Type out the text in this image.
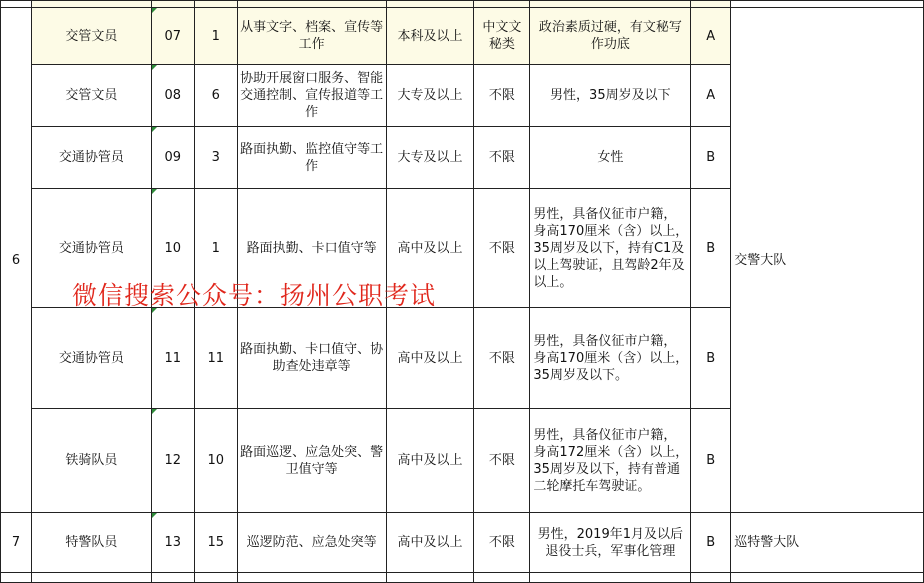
6	交管文员	07	1	从事文字、档案、宣传等工作	本科及以上	中文文秘类	政治素质过硬，有文秘写作功底	A	交警大队
	交管文员	08	6	协助开展窗口服务、智能交通控制、宣传报道等工作	大专及以上	不限	男性，35周岁及以下	A	
	交通协管员	09	3	路面执勤、监控值守等工作	大专及以上	不限	女性	B	
	交通协管员	10	1	路面执勤、卡口值守等	高中及以上	不限	男性，具备仪征市户籍，身高170厘米（含）以上，35周岁及以下，持有C1及以上驾驶证，且驾龄2年及以上。	B	
	交通协管员	11	11	路面执勤、卡口值守、协助查处违章等	高中及以上	不限	男性，具备仪征市户籍，身高170厘米（含）以上，35周岁及以下。	B	
	铁骑队员	12	10	路面巡逻、应急处突、警卫值守等	高中及以上	不限	男性，具备仪征市户籍，身高172厘米（含）以上，35周岁及以下，持有普通二轮摩托车驾驶证。	B	
7	特警队员	13	15	巡逻防范、应急处突等	高中及以上	不限	男性，2019年1月及以后退役士兵，军事化管理	B	巡特警大队

微信搜索公众号：扬州公职考试
